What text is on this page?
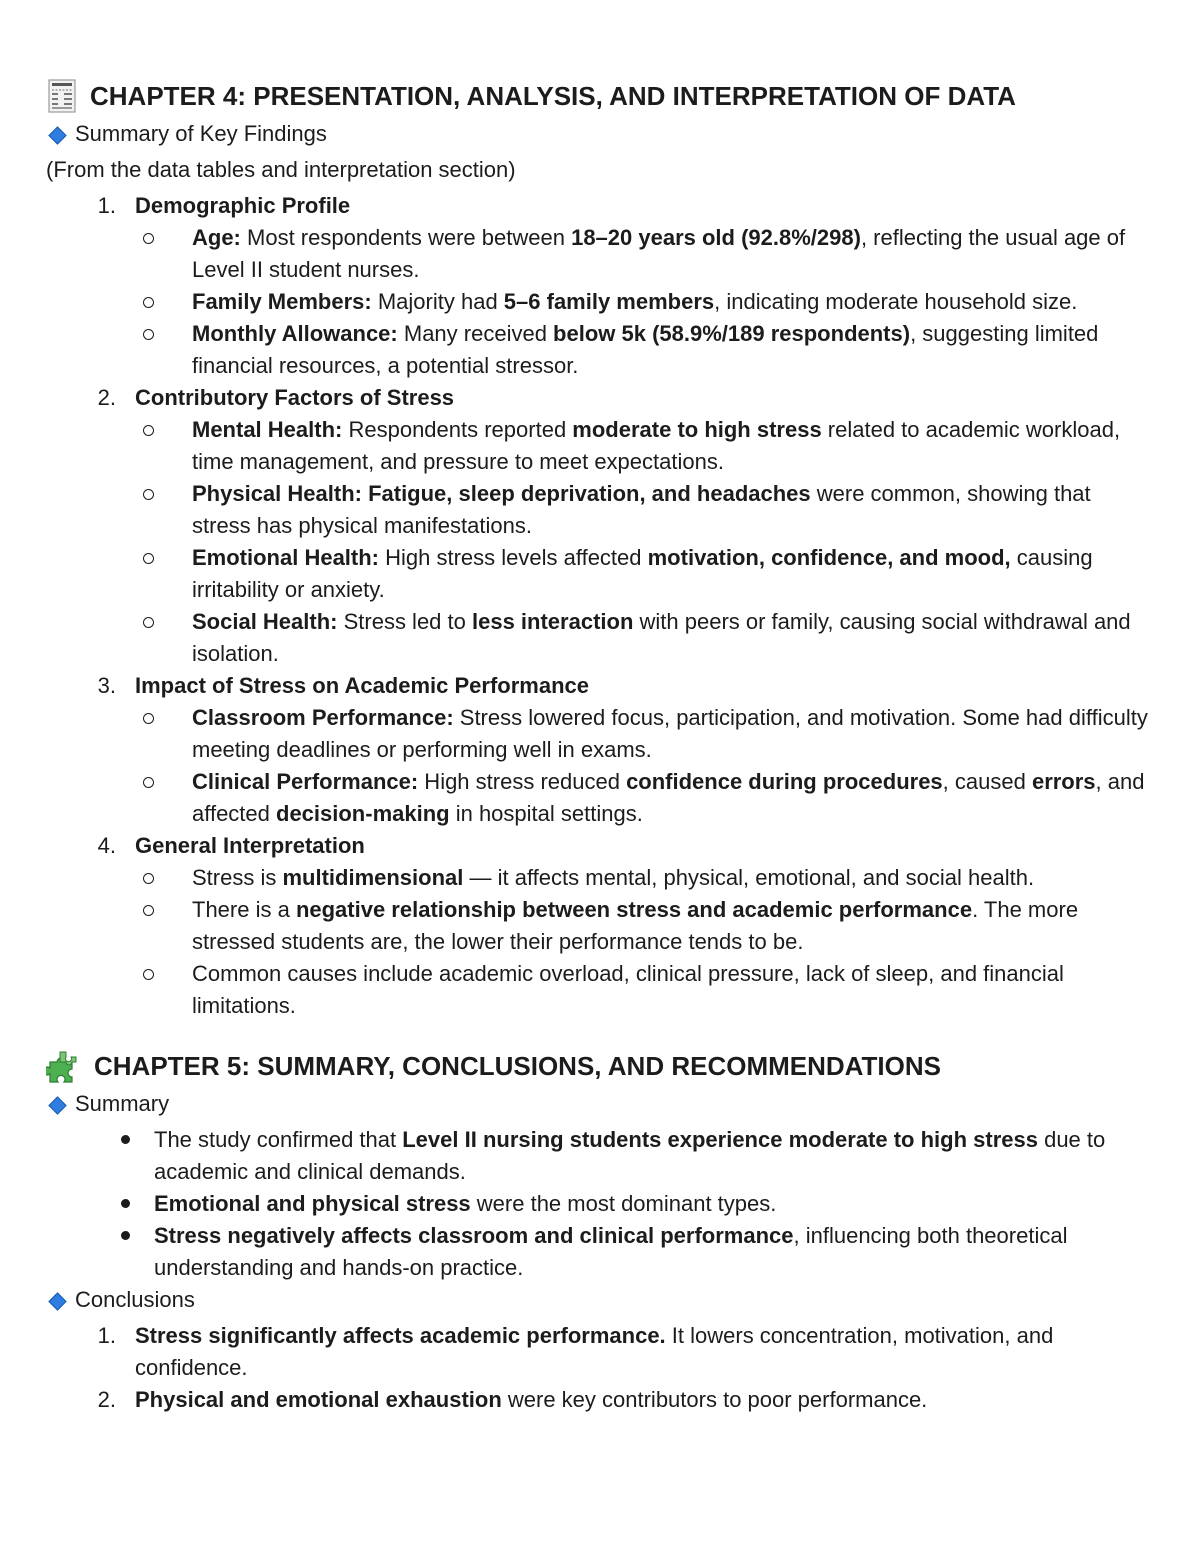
CHAPTER 4: PRESENTATION, ANALYSIS, AND INTERPRETATION OF DATA
Summary of Key Findings
(From the data tables and interpretation section)
1. Demographic Profile
Age: Most respondents were between 18–20 years old (92.8%/298), reflecting the usual age of Level II student nurses.
Family Members: Majority had 5–6 family members, indicating moderate household size.
Monthly Allowance: Many received below 5k (58.9%/189 respondents), suggesting limited financial resources, a potential stressor.
2. Contributory Factors of Stress
Mental Health: Respondents reported moderate to high stress related to academic workload, time management, and pressure to meet expectations.
Physical Health: Fatigue, sleep deprivation, and headaches were common, showing that stress has physical manifestations.
Emotional Health: High stress levels affected motivation, confidence, and mood, causing irritability or anxiety.
Social Health: Stress led to less interaction with peers or family, causing social withdrawal and isolation.
3. Impact of Stress on Academic Performance
Classroom Performance: Stress lowered focus, participation, and motivation. Some had difficulty meeting deadlines or performing well in exams.
Clinical Performance: High stress reduced confidence during procedures, caused errors, and affected decision-making in hospital settings.
4. General Interpretation
Stress is multidimensional — it affects mental, physical, emotional, and social health.
There is a negative relationship between stress and academic performance. The more stressed students are, the lower their performance tends to be.
Common causes include academic overload, clinical pressure, lack of sleep, and financial limitations.
CHAPTER 5: SUMMARY, CONCLUSIONS, AND RECOMMENDATIONS
Summary
The study confirmed that Level II nursing students experience moderate to high stress due to academic and clinical demands.
Emotional and physical stress were the most dominant types.
Stress negatively affects classroom and clinical performance, influencing both theoretical understanding and hands-on practice.
Conclusions
1. Stress significantly affects academic performance. It lowers concentration, motivation, and confidence.
2. Physical and emotional exhaustion were key contributors to poor performance.
